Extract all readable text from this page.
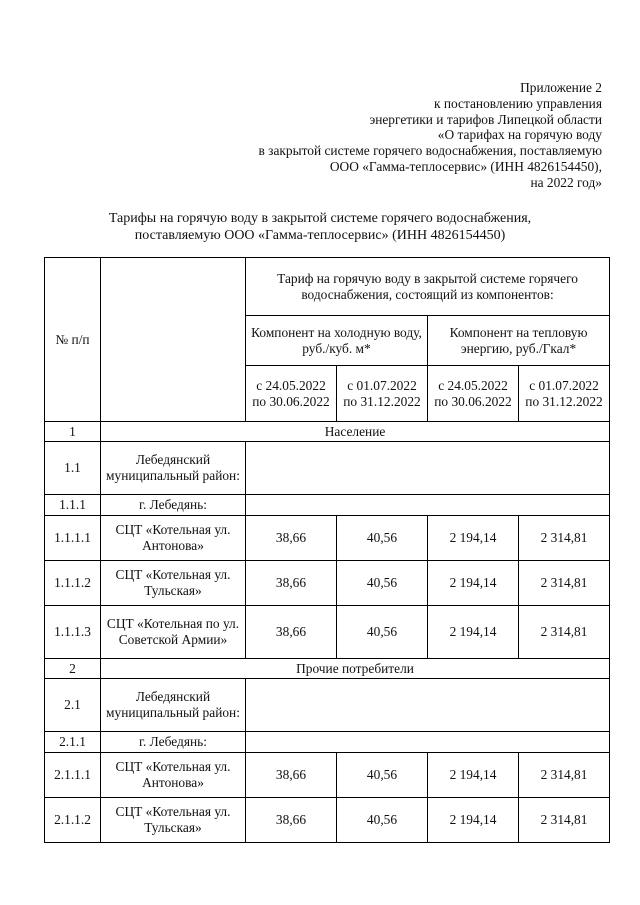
Приложение 2
к постановлению управления
энергетики и тарифов Липецкой области
«О тарифах на горячую воду
в закрытой системе горячего водоснабжения, поставляемую
ООО «Гамма-теплосервис» (ИНН 4826154450),
на 2022 год»
Тарифы на горячую воду в закрытой системе горячего водоснабжения,
поставляемую ООО «Гамма-теплосервис» (ИНН 4826154450)
№ п/п		Тариф на горячую воду в закрытой системе горячего водоснабжения, состоящий из компонентов:			
		Компонент на холодную воду, руб./куб. м*		Компонент на тепловую энергию, руб./Гкал*	
		с 24.05.2022 по 30.06.2022	с 01.07.2022 по 31.12.2022	с 24.05.2022 по 30.06.2022	с 01.07.2022 по 31.12.2022
1	Население				
1.1	Лебедянский муниципальный район:				
1.1.1	г. Лебедянь:				
1.1.1.1	СЦТ «Котельная ул. Антонова»	38,66	40,56	2 194,14	2 314,81
1.1.1.2	СЦТ «Котельная ул. Тульская»	38,66	40,56	2 194,14	2 314,81
1.1.1.3	СЦТ «Котельная по ул. Советской Армии»	38,66	40,56	2 194,14	2 314,81
2	Прочие потребители				
2.1	Лебедянский муниципальный район:				
2.1.1	г. Лебедянь:				
2.1.1.1	СЦТ «Котельная ул. Антонова»	38,66	40,56	2 194,14	2 314,81
2.1.1.2	СЦТ «Котельная ул. Тульская»	38,66	40,56	2 194,14	2 314,81
